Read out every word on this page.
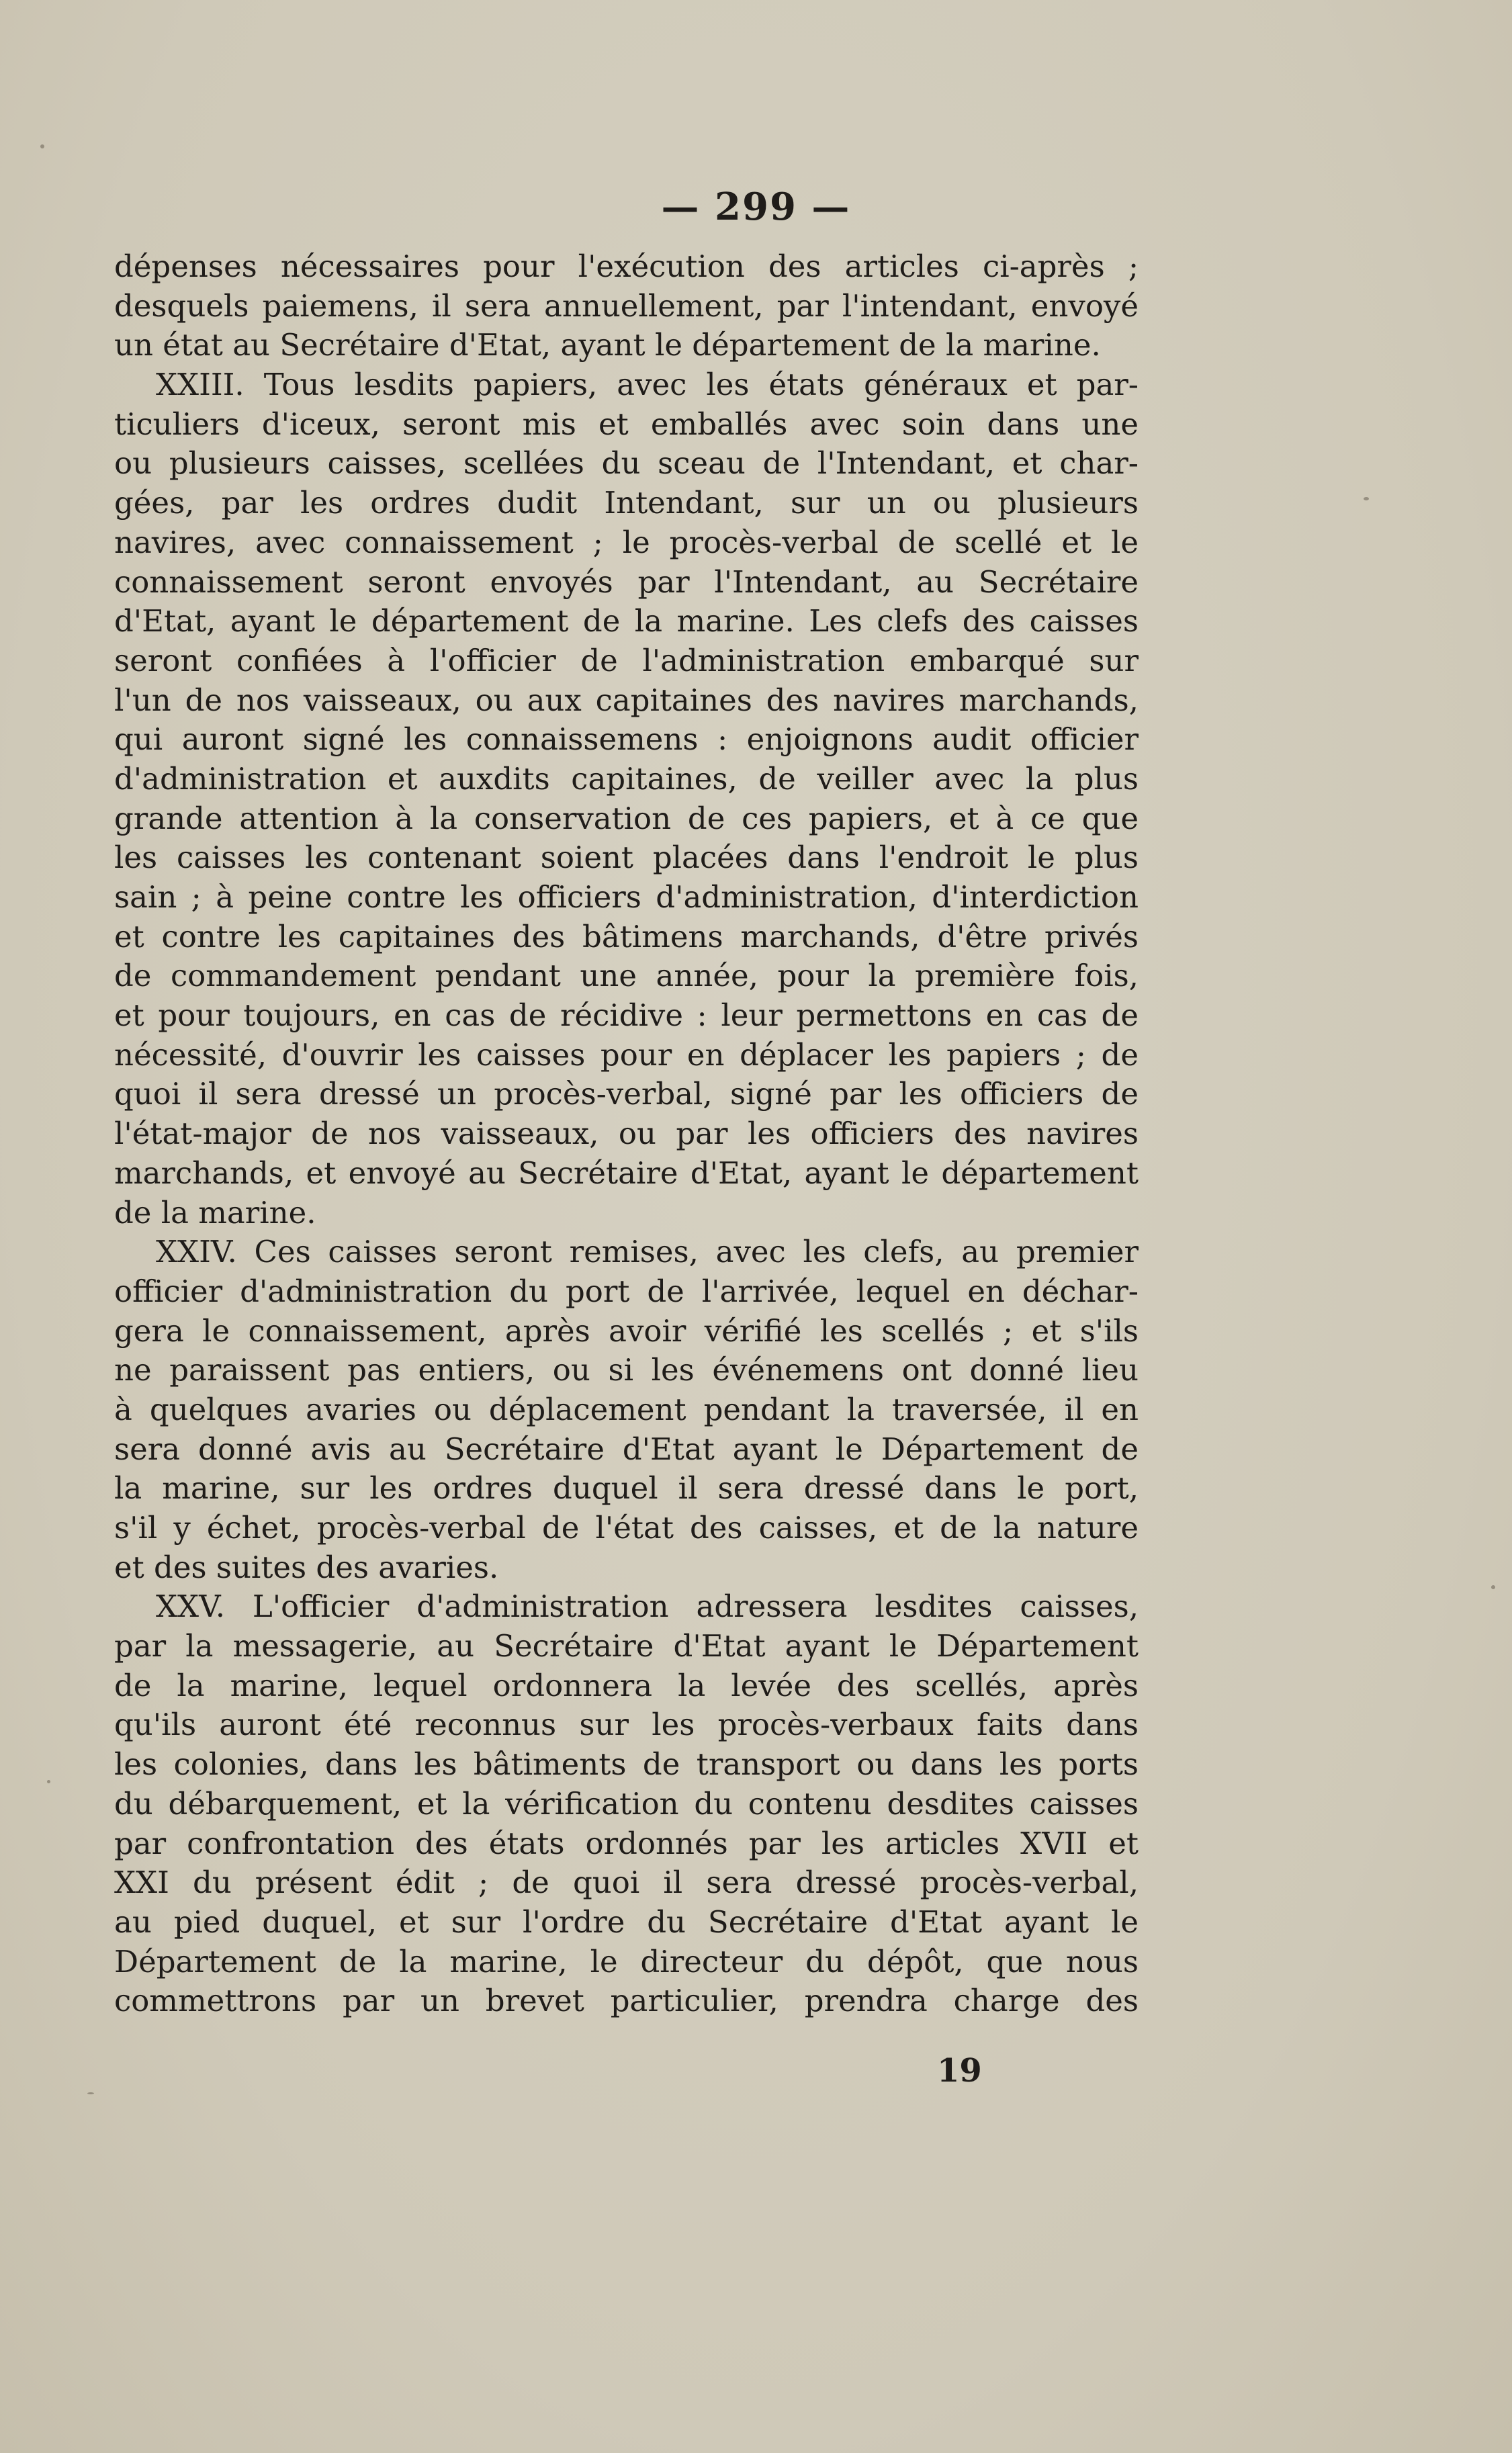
— 299 —
dépenses nécessaires pour l'exécution des articles ci-après ;
desquels paiemens, il sera annuellement, par l'intendant, envoyé
un état au Secrétaire d'Etat, ayant le département de la marine.
XXIII. Tous lesdits papiers, avec les états généraux et par-
ticuliers d'iceux, seront mis et emballés avec soin dans une
ou plusieurs caisses, scellées du sceau de l'Intendant, et char-
gées, par les ordres dudit Intendant, sur un ou plusieurs
navires, avec connaissement ; le procès-verbal de scellé et le
connaissement seront envoyés par l'Intendant, au Secrétaire
d'Etat, ayant le département de la marine. Les clefs des caisses
seront confiées à l'officier de l'administration embarqué sur
l'un de nos vaisseaux, ou aux capitaines des navires marchands,
qui auront signé les connaissemens : enjoignons audit officier
d'administration et auxdits capitaines, de veiller avec la plus
grande attention à la conservation de ces papiers, et à ce que
les caisses les contenant soient placées dans l'endroit le plus
sain ; à peine contre les officiers d'administration, d'interdiction
et contre les capitaines des bâtimens marchands, d'être privés
de commandement pendant une année, pour la première fois,
et pour toujours, en cas de récidive : leur permettons en cas de
nécessité, d'ouvrir les caisses pour en déplacer les papiers ; de
quoi il sera dressé un procès-verbal, signé par les officiers de
l'état-major de nos vaisseaux, ou par les officiers des navires
marchands, et envoyé au Secrétaire d'Etat, ayant le département
de la marine.
XXIV. Ces caisses seront remises, avec les clefs, au premier
officier d'administration du port de l'arrivée, lequel en déchar-
gera le connaissement, après avoir vérifié les scellés ; et s'ils
ne paraissent pas entiers, ou si les événemens ont donné lieu
à quelques avaries ou déplacement pendant la traversée, il en
sera donné avis au Secrétaire d'Etat ayant le Département de
la marine, sur les ordres duquel il sera dressé dans le port,
s'il y échet, procès-verbal de l'état des caisses, et de la nature
et des suites des avaries.
XXV. L'officier d'administration adressera lesdites caisses,
par la messagerie, au Secrétaire d'Etat ayant le Département
de la marine, lequel ordonnera la levée des scellés, après
qu'ils auront été reconnus sur les procès-verbaux faits dans
les colonies, dans les bâtiments de transport ou dans les ports
du débarquement, et la vérification du contenu desdites caisses
par confrontation des états ordonnés par les articles XVII et
XXI du présent édit ; de quoi il sera dressé procès-verbal,
au pied duquel, et sur l'ordre du Secrétaire d'Etat ayant le
Département de la marine, le directeur du dépôt, que nous
commettrons par un brevet particulier, prendra charge des
19
